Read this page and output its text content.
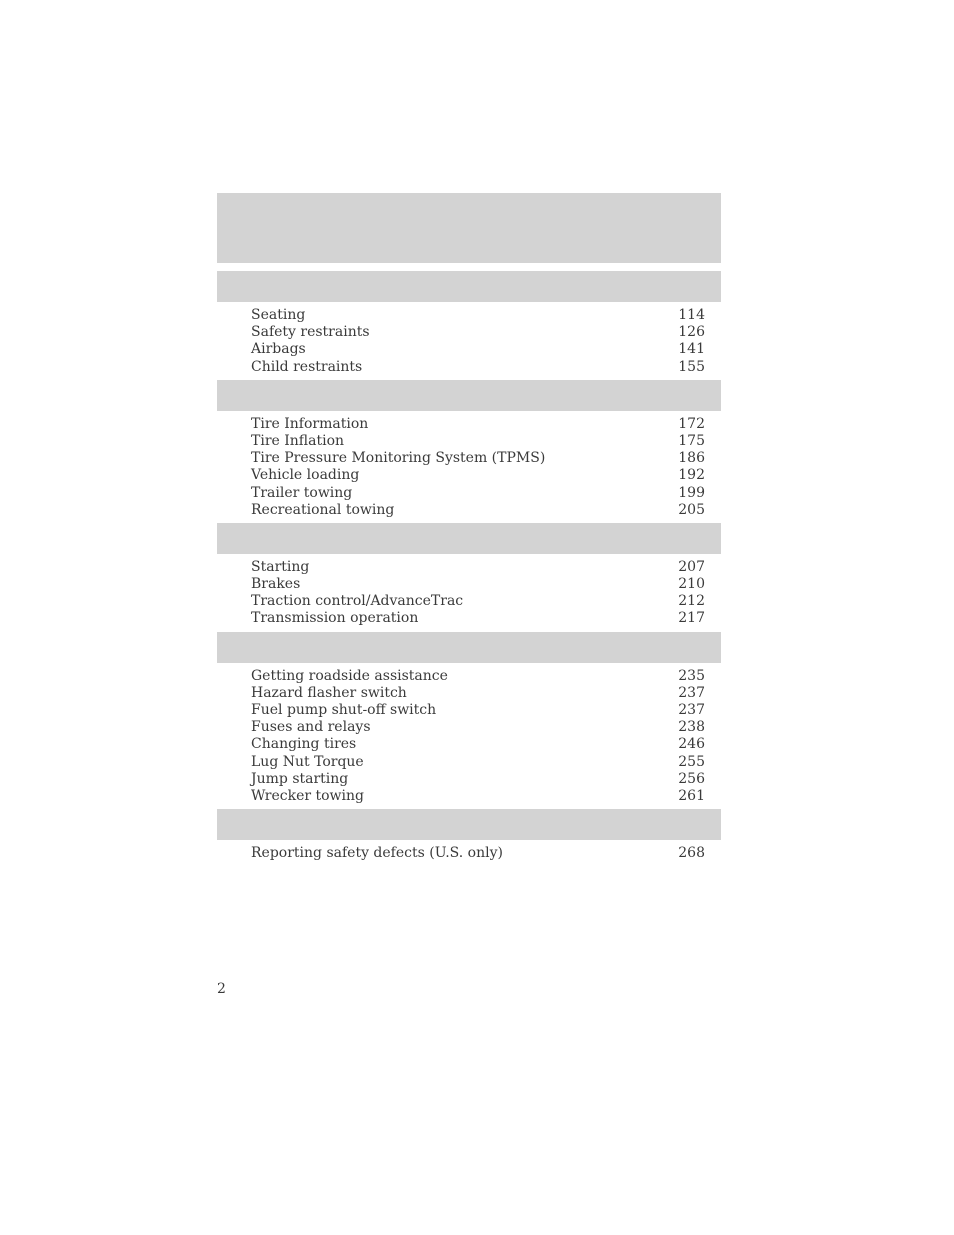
Seating	114
Safety restraints	126
Airbags	141
Child restraints	155
Tire Information	172
Tire Inflation	175
Tire Pressure Monitoring System (TPMS)	186
Vehicle loading	192
Trailer towing	199
Recreational towing	205
Starting	207
Brakes	210
Traction control/AdvanceTrac	212
Transmission operation	217
Getting roadside assistance	235
Hazard flasher switch	237
Fuel pump shut-off switch	237
Fuses and relays	238
Changing tires	246
Lug Nut Torque	255
Jump starting	256
Wrecker towing	261
Reporting safety defects (U.S. only)	268
2
